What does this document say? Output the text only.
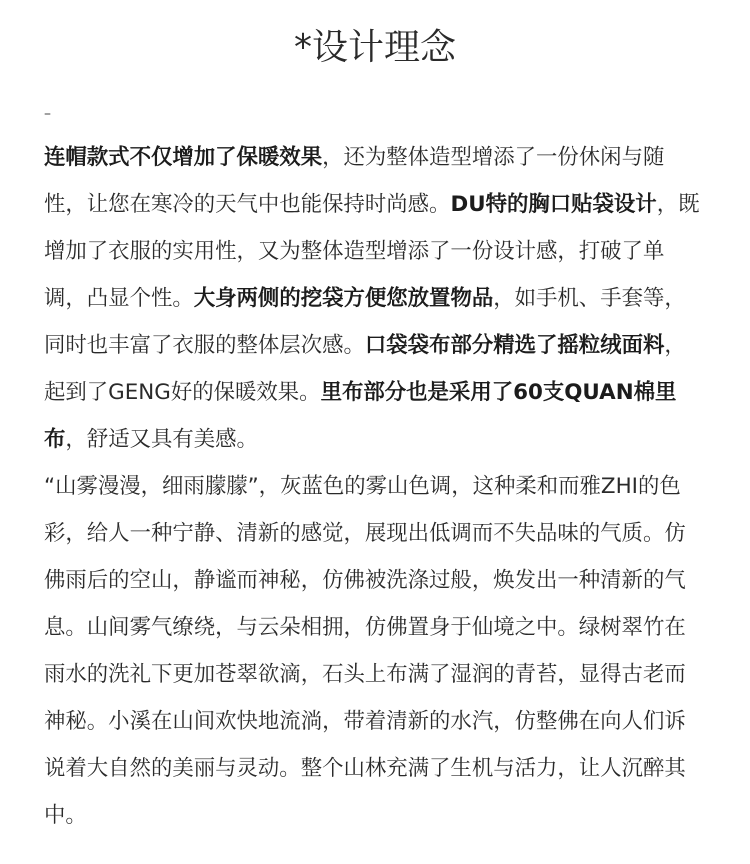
*设计理念
–

连帽款式不仅增加了保暖效果，还为整体造型增添了一份休闲与随性，让您在寒冷的天气中也能保持时尚感。DU特的胸口贴袋设计，既增加了衣服的实用性，又为整体造型增添了一份设计感，打破了单调，凸显个性。大身两侧的挖袋方便您放置物品，如手机、手套等，同时也丰富了衣服的整体层次感。口袋袋布部分精选了摇粒绒面料，起到了GENG好的保暖效果。里布部分也是采用了60支QUAN棉里布，舒适又具有美感。

“山雾漫漫，细雨朦朦”，灰蓝色的雾山色调，这种柔和而雅ZHI的色彩，给人一种宁静、清新的感觉，展现出低调而不失品味的气质。仿佛雨后的空山，静谧而神秘，仿佛被洗涤过般，焕发出一种清新的气息。山间雾气缭绕，与云朵相拥，仿佛置身于仙境之中。绿树翠竹在雨水的洗礼下更加苍翠欲滴，石头上布满了湿润的青苔，显得古老而神秘。小溪在山间欢快地流淌，带着清新的水汽，仿整佛在向人们诉说着大自然的美丽与灵动。整个山林充满了生机与活力，让人沉醉其中。
